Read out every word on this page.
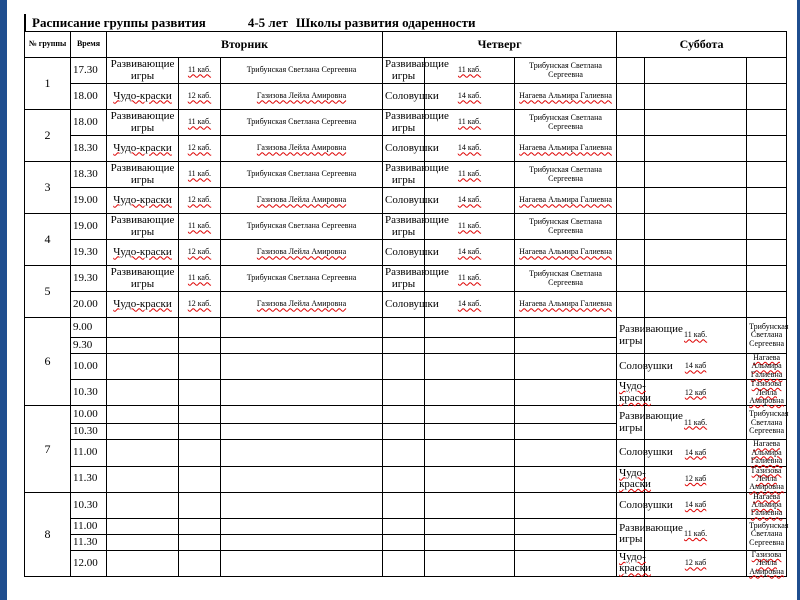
Расписание группы развития	4-5 лет Школы развития одаренности
№ группы	Время	Вторник			Четверг			Суббота		
1	17.30	Развивающие игры	11 каб.	Трибунская Светлана Сергеевна	Развивающие игры	11 каб.	Трибунская Светлана Сергеевна			
	18.00	Чудо-краски	12 каб.	Газизова Лейла Амировна	Соловушки	14 каб.	Нагаева Альмира Галиевна			
2	18.00	Развивающие игры	11 каб.	Трибунская Светлана Сергеевна	Развивающие игры	11 каб.	Трибунская Светлана Сергеевна			
	18.30	Чудо-краски	12 каб.	Газизова Лейла Амировна	Соловушки	14 каб.	Нагаева Альмира Галиевна			
3	18.30	Развивающие игры	11 каб.	Трибунская Светлана Сергеевна	Развивающие игры	11 каб.	Трибунская Светлана Сергеевна			
	19.00	Чудо-краски	12 каб.	Газизова Лейла Амировна	Соловушки	14 каб.	Нагаева Альмира Галиевна			
4	19.00	Развивающие игры	11 каб.	Трибунская Светлана Сергеевна	Развивающие игры	11 каб.	Трибунская Светлана Сергеевна			
	19.30	Чудо-краски	12 каб.	Газизова Лейла Амировна	Соловушки	14 каб.	Нагаева Альмира Галиевна			
5	19.30	Развивающие игры	11 каб.	Трибунская Светлана Сергеевна	Развивающие игры	11 каб.	Трибунская Светлана Сергеевна			
	20.00	Чудо-краски	12 каб.	Газизова Лейла Амировна	Соловушки	14 каб.	Нагаева Альмира Галиевна			
6	9.00							Развивающие игры	11 каб.	Трибунская Светлана Сергеевна
	9.30									
	10.00							Соловушки	14 каб	Нагаева Альмира Галиевна
	10.30							Чудо-краски	12 каб	Газизова Лейла Амировна
7	10.00							Развивающие игры	11 каб.	Трибунская Светлана Сергеевна
	10.30									
	11.00							Соловушки	14 каб	Нагаева Альмира Галиевна
	11.30							Чудо-краски	12 каб	Газизова Лейла Амировна
8	10.30							Соловушки	14 каб	Нагаева Альмира Галиевна
	11.00							Развивающие игры	11 каб.	Трибунская Светлана Сергеевна
	11.30									
	12.00							Чудо-краски	12 каб	Газизова Лейла Амировна
